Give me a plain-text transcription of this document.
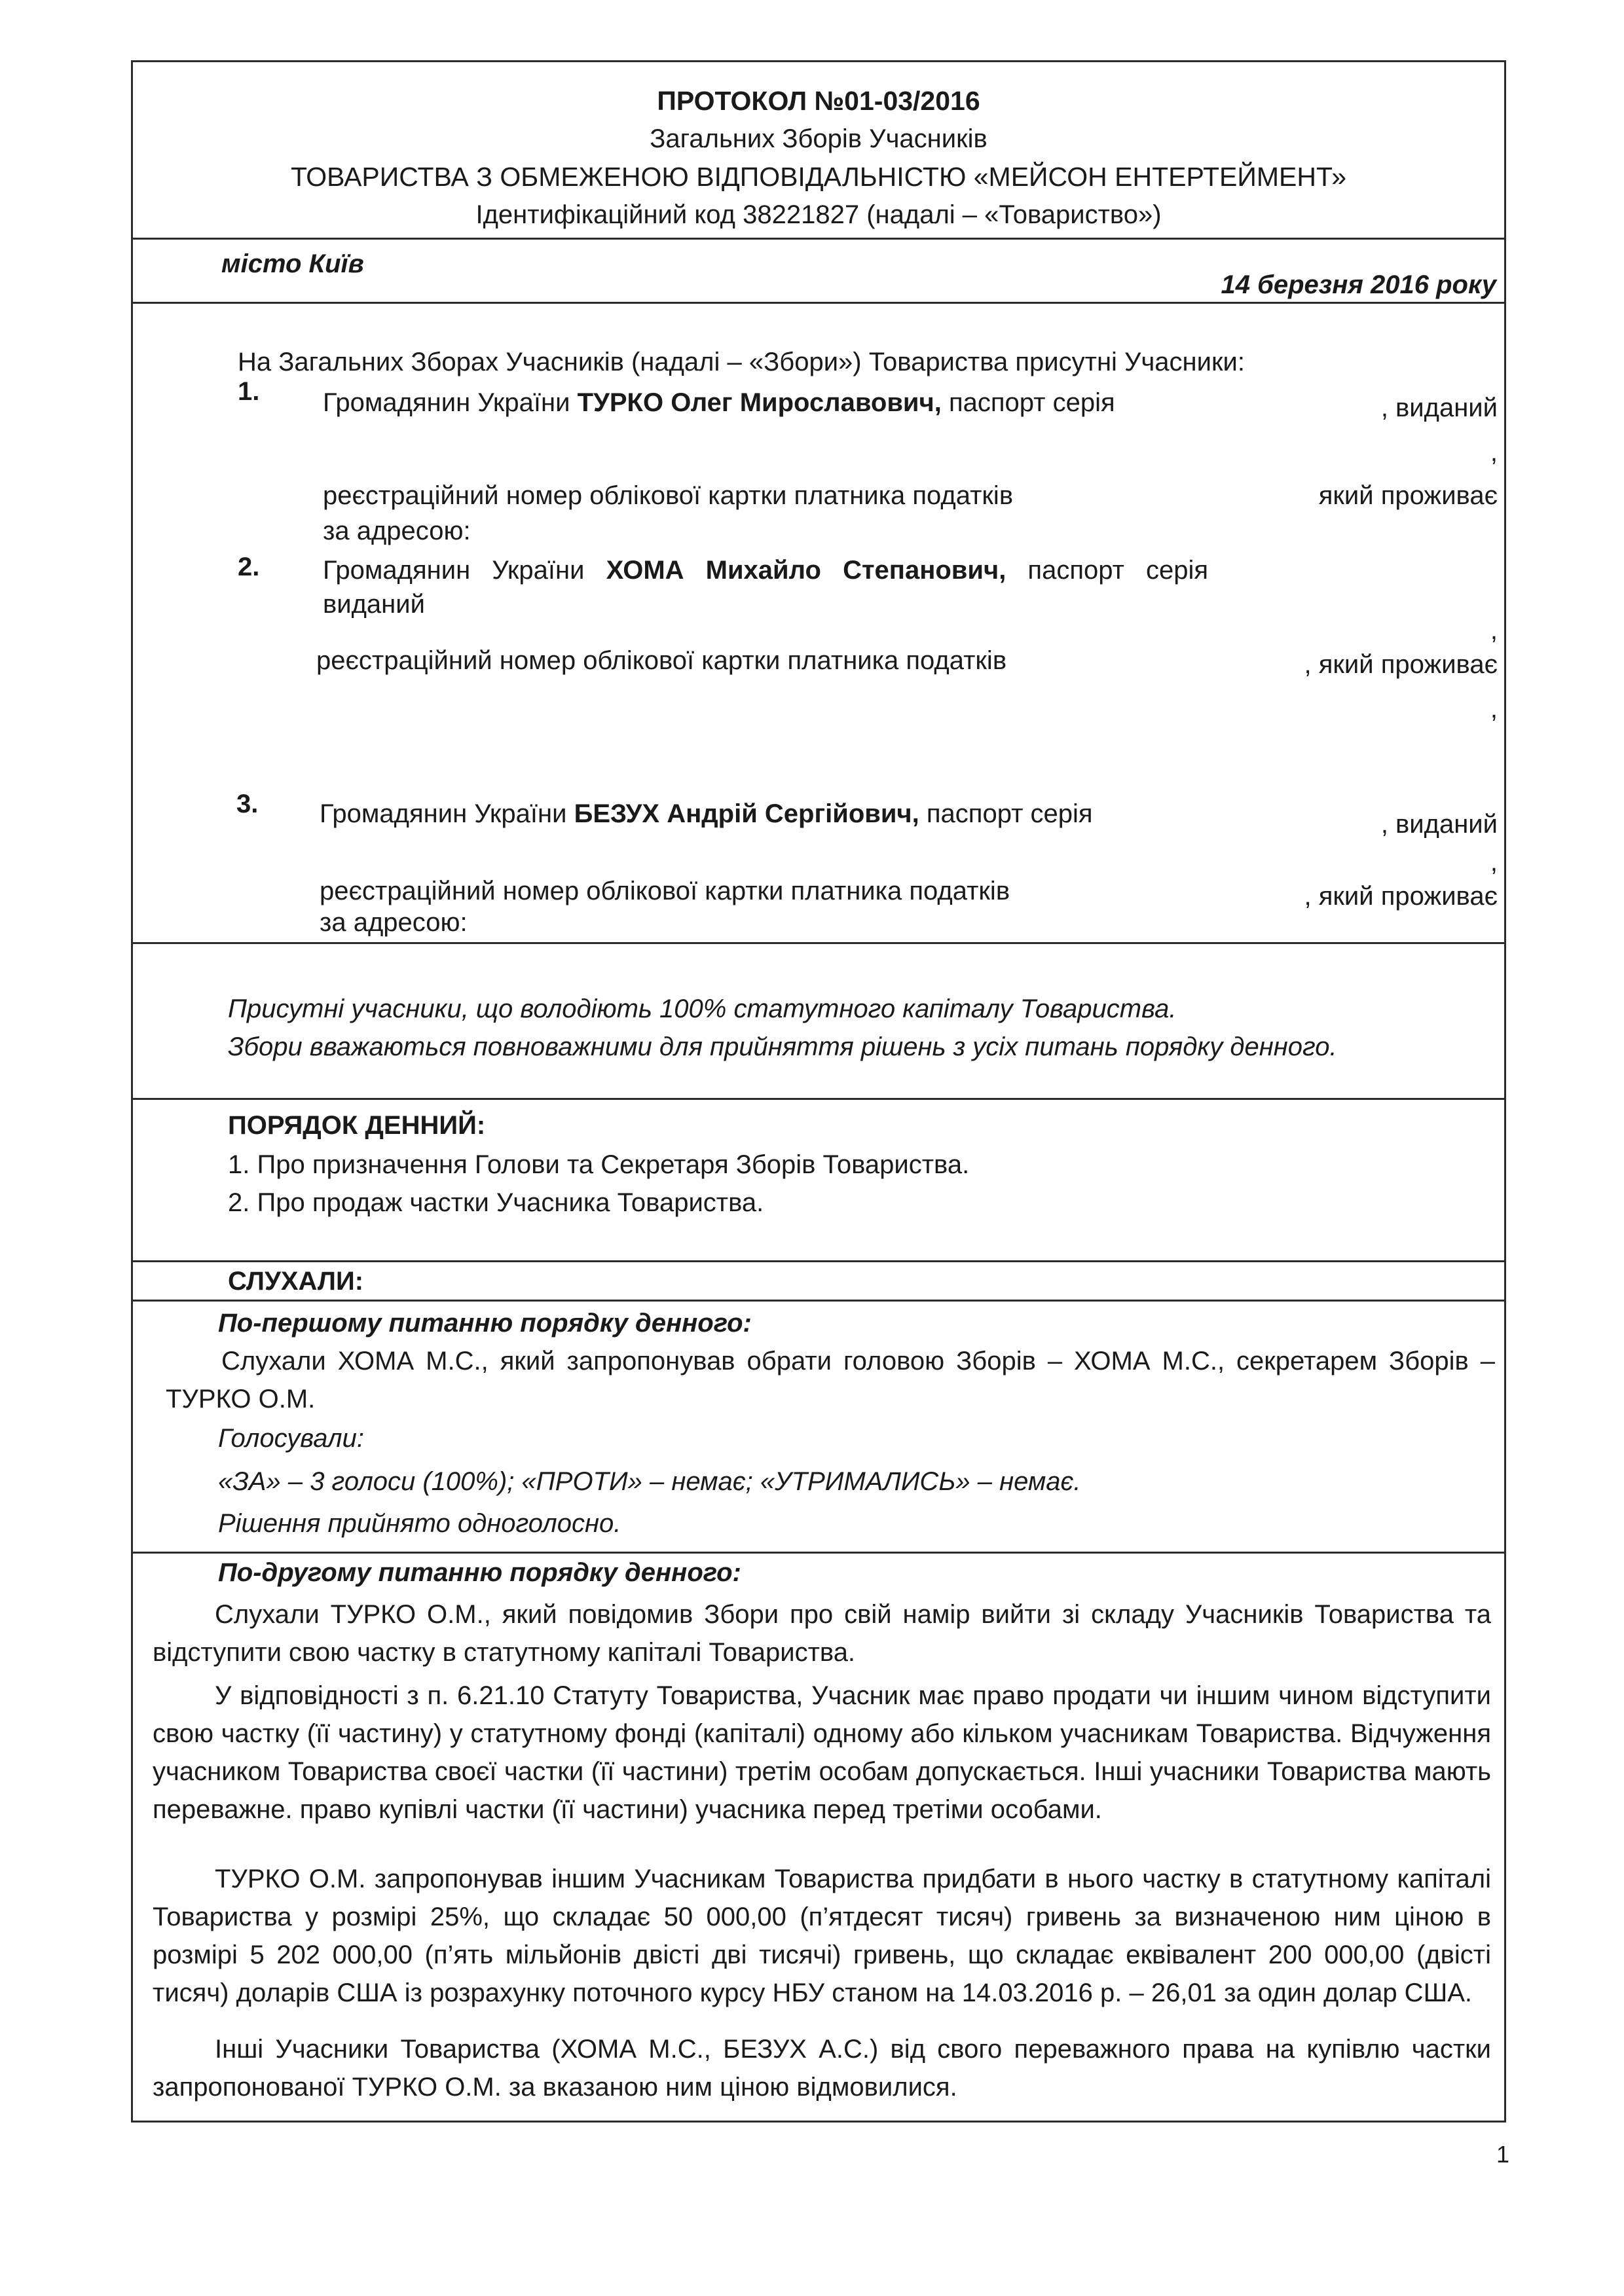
ПРОТОКОЛ №01-03/2016
Загальних Зборів Учасників
ТОВАРИСТВА З ОБМЕЖЕНОЮ ВІДПОВІДАЛЬНІСТЮ «МЕЙСОН ЕНТЕРТЕЙМЕНТ»
Ідентифікаційний код 38221827 (надалі – «Товариство»)
місто Київ
14 березня 2016 року
На Загальних Зборах Учасників (надалі – «Збори») Товариства присутні Учасники:
1. Громадянин України ТУРКО Олег Мирославович, паспорт серія	, виданий
,
реєстраційний номер облікової картки платника податків	який проживає
за адресою:
2. Громадянин України ХОМА Михайло Степанович, паспорт серія
виданий
,
реєстраційний номер облікової картки платника податків	, який проживає
,
3. Громадянин України БЕЗУХ Андрій Сергійович, паспорт серія	, виданий
,
реєстраційний номер облікової картки платника податків	, який проживає
за адресою:
Присутні учасники, що володіють 100% статутного капіталу Товариства.
Збори вважаються повноважними для прийняття рішень з усіх питань порядку денного.
ПОРЯДОК ДЕННИЙ:
1. Про призначення Голови та Секретаря Зборів Товариства.
2. Про продаж частки Учасника Товариства.
СЛУХАЛИ:
По-першому питанню порядку денного:
Слухали ХОМА М.С., який запропонував обрати головою Зборів – ХОМА М.С., секретарем Зборів – ТУРКО О.М.
Голосували:
«ЗА» – 3 голоси (100%); «ПРОТИ» – немає; «УТРИМАЛИСЬ» – немає.
Рішення прийнято одноголосно.
По-другому питанню порядку денного:
Слухали ТУРКО О.М., який повідомив Збори про свій намір вийти зі складу Учасників Товариства та відступити свою частку в статутному капіталі Товариства.
У відповідності з п. 6.21.10 Статуту Товариства, Учасник має право продати чи іншим чином відступити свою частку (її частину) у статутному фонді (капіталі) одному або кільком учасникам Товариства. Відчуження учасником Товариства своєї частки (її частини) третім особам допускається. Інші учасники Товариства мають переважне. право купівлі частки (її частини) учасника перед третіми особами.
ТУРКО О.М. запропонував іншим Учасникам Товариства придбати в нього частку в статутному капіталі Товариства у розмірі 25%, що складає 50 000,00 (п’ятдесят тисяч) гривень за визначеною ним ціною в розмірі 5 202 000,00 (п’ять мільйонів двісті дві тисячі) гривень, що складає еквівалент 200 000,00 (двісті тисяч) доларів США із розрахунку поточного курсу НБУ станом на 14.03.2016 р. – 26,01 за один долар США.
Інші Учасники Товариства (ХОМА М.С., БЕЗУХ А.С.) від свого переважного права на купівлю частки запропонованої ТУРКО О.М. за вказаною ним ціною відмовилися.
1
